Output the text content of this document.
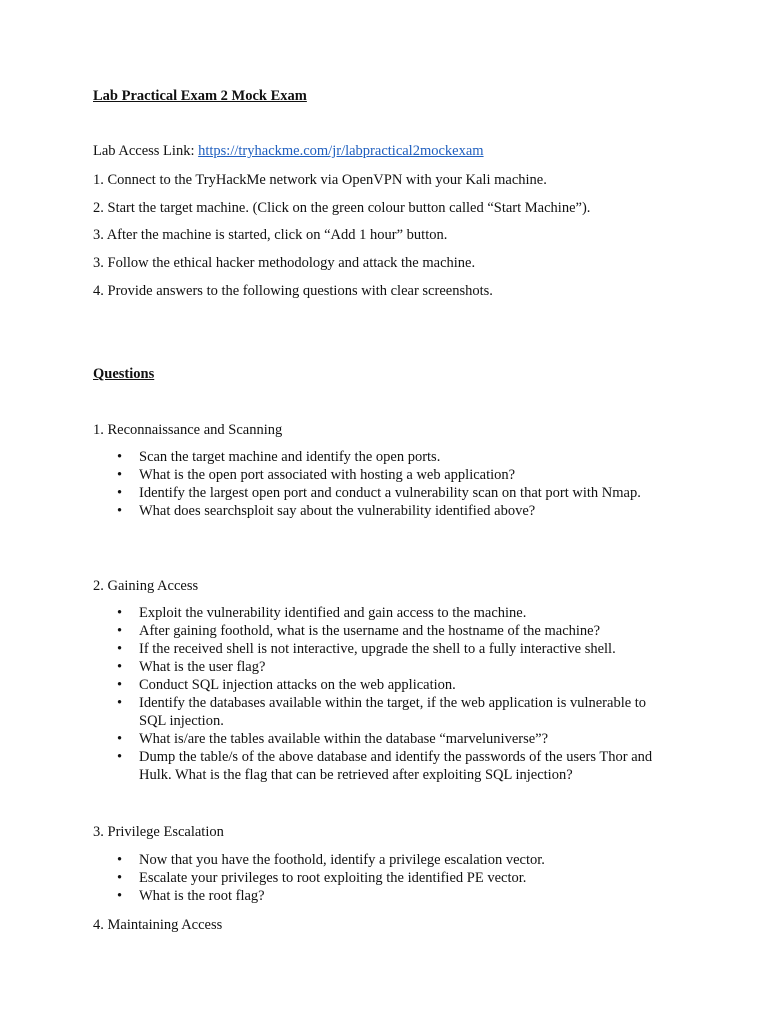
Lab Practical Exam 2 Mock Exam
Lab Access Link: https://tryhackme.com/jr/labpractical2mockexam
1. Connect to the TryHackMe network via OpenVPN with your Kali machine.
2. Start the target machine. (Click on the green colour button called “Start Machine”).
3. After the machine is started, click on “Add 1 hour” button.
3. Follow the ethical hacker methodology and attack the machine.
4. Provide answers to the following questions with clear screenshots.
Questions
1. Reconnaissance and Scanning
• Scan the target machine and identify the open ports.
• What is the open port associated with hosting a web application?
• Identify the largest open port and conduct a vulnerability scan on that port with Nmap.
• What does searchsploit say about the vulnerability identified above?
2. Gaining Access
• Exploit the vulnerability identified and gain access to the machine.
• After gaining foothold, what is the username and the hostname of the machine?
• If the received shell is not interactive, upgrade the shell to a fully interactive shell.
• What is the user flag?
• Conduct SQL injection attacks on the web application.
• Identify the databases available within the target, if the web application is vulnerable to SQL injection.
• What is/are the tables available within the database “marveluniverse”?
• Dump the table/s of the above database and identify the passwords of the users Thor and Hulk. What is the flag that can be retrieved after exploiting SQL injection?
3. Privilege Escalation
• Now that you have the foothold, identify a privilege escalation vector.
• Escalate your privileges to root exploiting the identified PE vector.
• What is the root flag?
4. Maintaining Access
